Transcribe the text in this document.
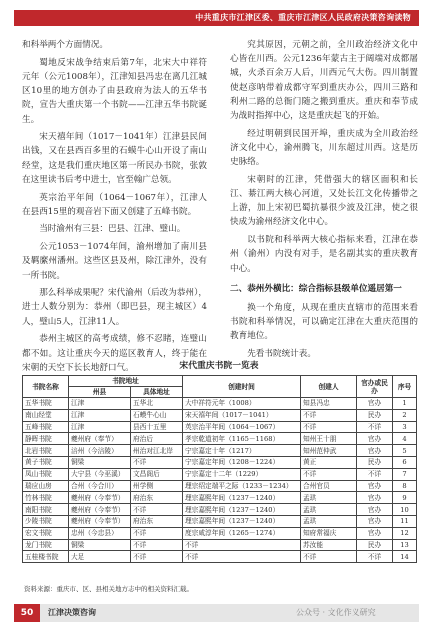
中共重庆市江津区委、重庆市江津区人民政府决策咨询读物

和科举两个方面情况。

蜀地反宋战争结束后第7年，北宋大中祥符元年（公元1008年），江津知县冯忠在离几江城区10里的地方创办了由县政府为法人的五华书院，宣告大重庆第一个书院——江津五华书院诞生。

宋天禧年间（1017－1041年）江津县民间出钱，又在县西百多里的石蟆牛心山开设了南山经堂，这是我们重庆地区第一所民办书院，张敦在这里读书后考中进士，官至翰广总领。

英宗治平年间（1064－1067年），江津人在县西15里的观音岩下面又创建了五峰书院。

当时渝州有三县：巴县、江津、璧山。

公元1053－1074年间，渝州增加了南川县及羁縻州潘州。这些区县及州，除江津外，没有一所书院。

那么科举成果呢？宋代渝州（后改为恭州），进士人数分别为：恭州（即巴县，现主城区）4人，璧山5人，江津11人。

恭州主城区的高考成绩，修不忍睹，连璧山都不如。这让重庆今天的巡区教育人，终于能在宋朝的天空下长长地舒口气。

究其原因，元朝之前，全川政治经济文化中心皆在川西。公元1236年蒙古主于阔端对成都屠城，火杀百余万人后，川西元气大伤。四川制置使赵彦呐带着成都守军到重庆办公，四川三路和利州二路的总衙门随之搬到重庆。重庆和奉节成为战时指挥中心，这是重庆起飞的开始。

经过明朝到民国开埠，重庆成为全川政治经济文化中心，渝州腾飞，川东超过川西。这是历史脉络。

宋朝时的江津，凭借强大的辖区面积和长江、綦江两大核心河道，又处长江文化传播带之上游，加上宋初巴蜀抗暴很少波及江津，使之很快成为渝州经济文化中心。

以书院和科举两大核心指标来看，江津在恭州（渝州）内没有对手，是名副其实的重庆教育中心。

二、恭州外横比：综合指标县级单位遥居第一

换一个角度，从现在重庆直辖市的范围来看书院和科举情况，可以确定江津在大重庆范围的教育地位。

先看书院统计表。

宋代重庆书院一览表
书院名称	书院地址		创建时间	创建人	官办或民办	序号
	州县	具体地址				
五华书院	江津	五华北	大中祥符元年（1008）	知县冯忠	官办	1
南山经堂	江津	石蟆牛心山	宋天禧年间（1017－1041）	不详	民办	2
五峰书院	江津	县西十五里	英宗治平年间（1064－1067）	不详	不详	3
静晖书院	夔州府（奉节）	府治后	孝宗乾道初年（1165－1168）	知州王十朋	官办	4
北岩书院	涪州（今涪陵）	州治对江北岸	宁宗嘉定十年（1217）	知州范仲武	官办	5
黄子书院	铜梁	不详	宁宗嘉定年间（1208－1224）	黄正	民办	6
凤山书院	大宁县（今巫溪）	文昌阁后	宁宗嘉定十二年（1229）	不详	不详	7
瑞应山房	合州（今合川）	州学侧	理宗绍定端平之际（1233－1234）	合州官员	官办	8
竹林书院	夔州府（今奉节）	府治东	理宗嘉熙年间（1237－1240）	孟珙	官办	9
南阳书院	夔州府（今奉节）	不详	理宗嘉熙年间（1237－1240）	孟珙	官办	10
少陵书院	夔州府（今奉节）	府治东	理宗嘉熙年间（1237－1240）	孟珙	官办	11
宏文书院	忠州（今忠县）	不详	度宗咸淳年间（1265－1274）	知府常福庆	官办	12
龙门书院	铜梁	不详	不详	苏汝能	民办	13
五桂楼书院	大足	不详	不详	不详	不详	14
资料来源：重庆市、区、县相关地方志中的相关资料汇载。
50	江津决策咨询	公众号 · 文化作义研究
